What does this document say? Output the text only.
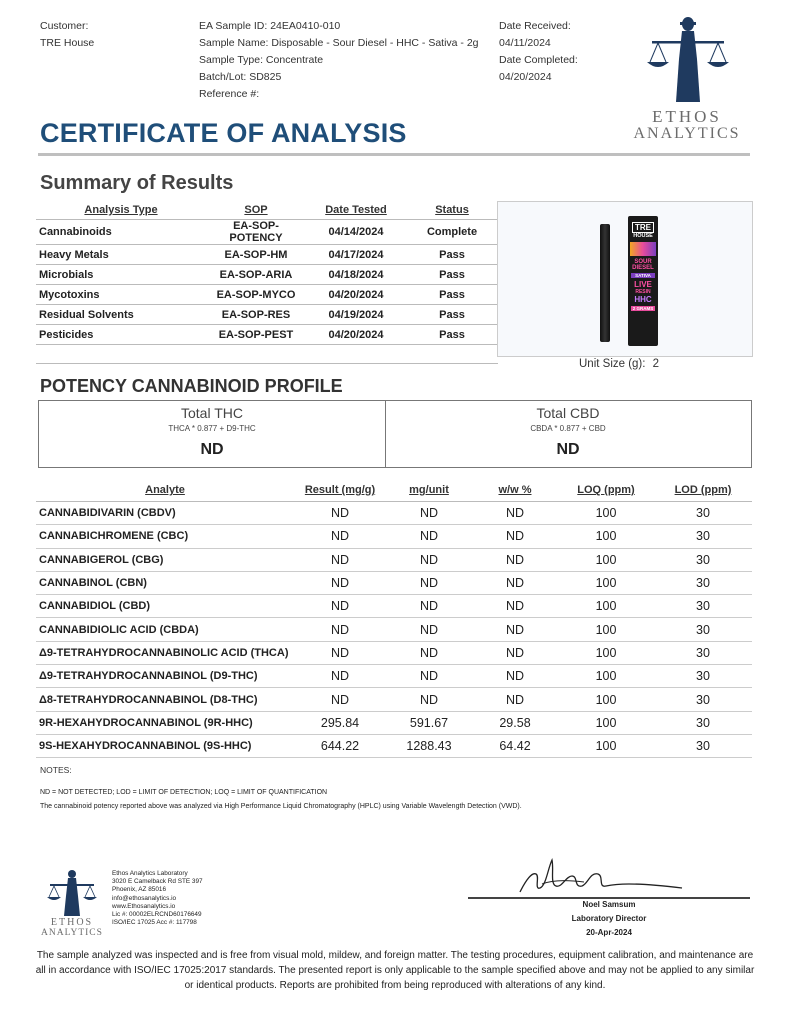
Customer:
TRE House
EA Sample ID: 24EA0410-010
Sample Name: Disposable - Sour Diesel - HHC - Sativa - 2g
Sample Type: Concentrate
Batch/Lot: SD825
Reference #:
Date Received:
04/11/2024
Date Completed:
04/20/2024
ETHOS
ANALYTICS
CERTIFICATE OF ANALYSIS
Summary of Results
Analysis Type	SOP	Date Tested	Status
Cannabinoids	EA-SOP-POTENCY	04/14/2024	Complete
Heavy Metals	EA-SOP-HM	04/17/2024	Pass
Microbials	EA-SOP-ARIA	04/18/2024	Pass
Mycotoxins	EA-SOP-MYCO	04/20/2024	Pass
Residual Solvents	EA-SOP-RES	04/19/2024	Pass
Pesticides	EA-SOP-PEST	04/20/2024	Pass

TRE
HOUSE
SOUR
DIESEL
SATIVA
LIVE
RESIN
HHC
2 GRAMS
Unit Size (g): 2
POTENCY CANNABINOID PROFILE
Total THC
THCA * 0.877 + D9-THC
ND
Total CBD
CBDA * 0.877 + CBD
ND
Analyte	Result (mg/g)	mg/unit	w/w %	LOQ (ppm)	LOD (ppm)
CANNABIDIVARIN (CBDV)	ND	ND	ND	100	30
CANNABICHROMENE (CBC)	ND	ND	ND	100	30
CANNABIGEROL (CBG)	ND	ND	ND	100	30
CANNABINOL (CBN)	ND	ND	ND	100	30
CANNABIDIOL (CBD)	ND	ND	ND	100	30
CANNABIDIOLIC ACID (CBDA)	ND	ND	ND	100	30
Δ9-TETRAHYDROCANNABINOLIC ACID (THCA)	ND	ND	ND	100	30
Δ9-TETRAHYDROCANNABINOL (D9-THC)	ND	ND	ND	100	30
Δ8-TETRAHYDROCANNABINOL (D8-THC)	ND	ND	ND	100	30
9R-HEXAHYDROCANNABINOL (9R-HHC)	295.84	591.67	29.58	100	30
9S-HEXAHYDROCANNABINOL (9S-HHC)	644.22	1288.43	64.42	100	30
NOTES:
ND = NOT DETECTED; LOD = LIMIT OF DETECTION; LOQ = LIMIT OF QUANTIFICATION
The cannabinoid potency reported above was analyzed via High Performance Liquid Chromatography (HPLC) using Variable Wavelength Detection (VWD).
ETHOS
ANALYTICS
Ethos Analytics Laboratory
3020 E Camelback Rd STE 397
Phoenix, AZ 85016
info@ethosanalytics.io
www.Ethosanalytics.io
Lic #: 00002ELRCND60176649
ISO/IEC 17025 Acc #: 117798
Noel Samsum
Laboratory Director
20-Apr-2024
The sample analyzed was inspected and is free from visual mold, mildew, and foreign matter. The testing procedures, equipment calibration, and maintenance are all in accordance with ISO/IEC 17025:2017 standards. The presented report is only applicable to the sample specified above and may not be applied to any similar or identical products. Reports are prohibited from being reproduced with alterations of any kind.
